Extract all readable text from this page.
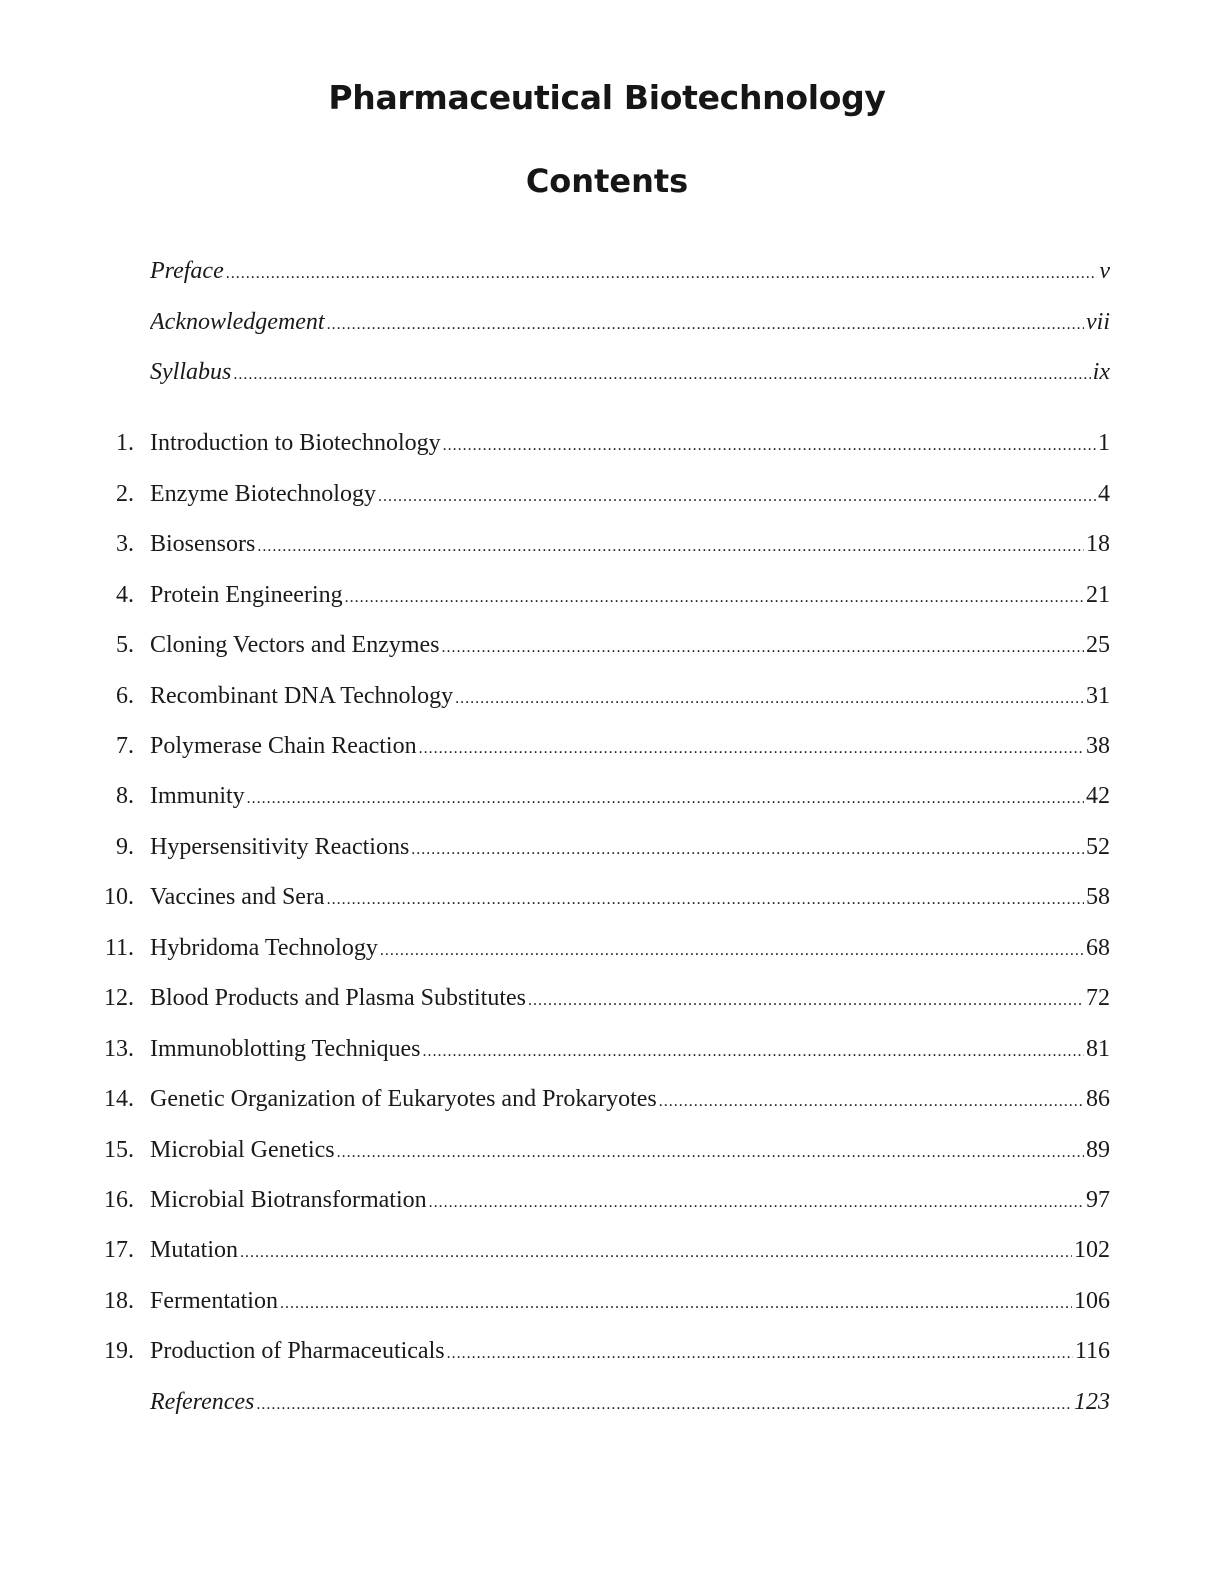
Pharmaceutical Biotechnology
Contents
Preface .....	v
Acknowledgement .....	vii
Syllabus .....	ix
1. Introduction to Biotechnology .....	1
2. Enzyme Biotechnology .....	4
3. Biosensors .....	18
4. Protein Engineering .....	21
5. Cloning Vectors and Enzymes .....	25
6. Recombinant DNA Technology .....	31
7. Polymerase Chain Reaction .....	38
8. Immunity .....	42
9. Hypersensitivity Reactions .....	52
10. Vaccines and Sera .....	58
11. Hybridoma Technology .....	68
12. Blood Products and Plasma Substitutes .....	72
13. Immunoblotting Techniques .....	81
14. Genetic Organization of Eukaryotes and Prokaryotes .....	86
15. Microbial Genetics .....	89
16. Microbial Biotransformation .....	97
17. Mutation .....	102
18. Fermentation .....	106
19. Production of Pharmaceuticals .....	116
References .....	123
